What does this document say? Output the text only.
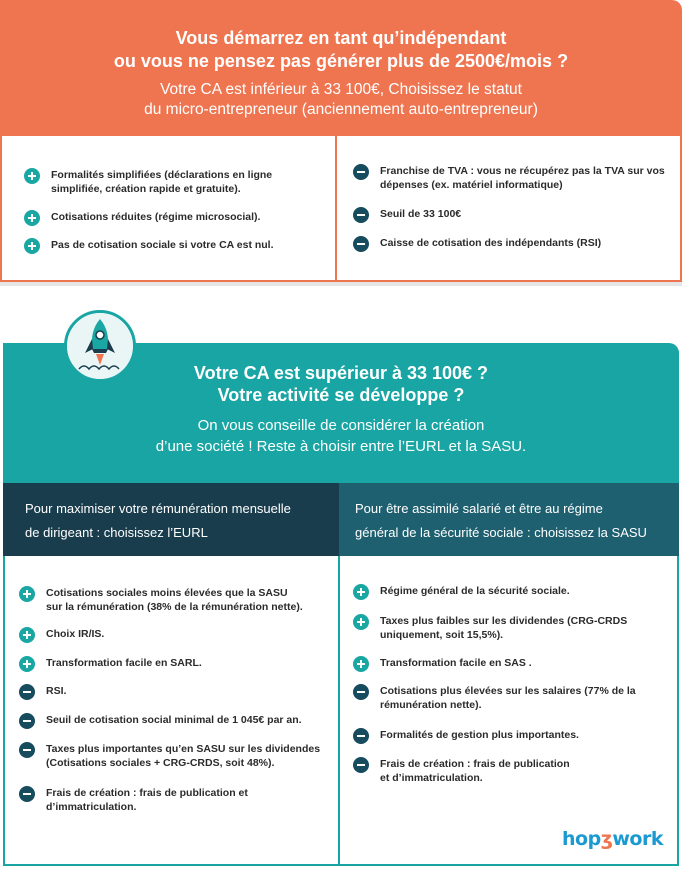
Vous démarrez en tant qu’indépendant
ou vous ne pensez pas générer plus de 2500€/mois ?
Votre CA est inférieur à 33 100€, Choisissez le statut
du micro-entrepreneur (anciennement auto-entrepreneur)
Formalités simplifiées (déclarations en ligne
simplifiée, création rapide et gratuite).
Cotisations réduites (régime microsocial).
Pas de cotisation sociale si votre CA est nul.
Franchise de TVA : vous ne récupérez pas la TVA sur vos
dépenses (ex. matériel informatique)
Seuil de 33 100€
Caisse de cotisation des indépendants (RSI)
Votre CA est supérieur à 33 100€ ?
Votre activité se développe ?
On vous conseille de considérer la création
d’une société ! Reste à choisir entre l’EURL et la SASU.
Pour maximiser votre rémunération mensuelle
de dirigeant : choisissez l’EURL
Pour être assimilé salarié et être au régime
général de la sécurité sociale : choisissez la SASU
Cotisations sociales moins élevées que la SASU
sur la rémunération (38% de la rémunération nette).
Choix IR/IS.
Transformation facile en SARL.
RSI.
Seuil de cotisation social minimal de 1 045€ par an.
Taxes plus importantes qu’en SASU sur les dividendes
(Cotisations sociales + CRG-CRDS, soit 48%).
Frais de création : frais de publication et
d’immatriculation.
Régime général de la sécurité sociale.
Taxes plus faibles sur les dividendes (CRG-CRDS
uniquement, soit 15,5%).
Transformation facile en SAS .
Cotisations plus élevées sur les salaires (77% de la
rémunération nette).
Formalités de gestion plus importantes.
Frais de création : frais de publication
et d’immatriculation.
hopʒwork
